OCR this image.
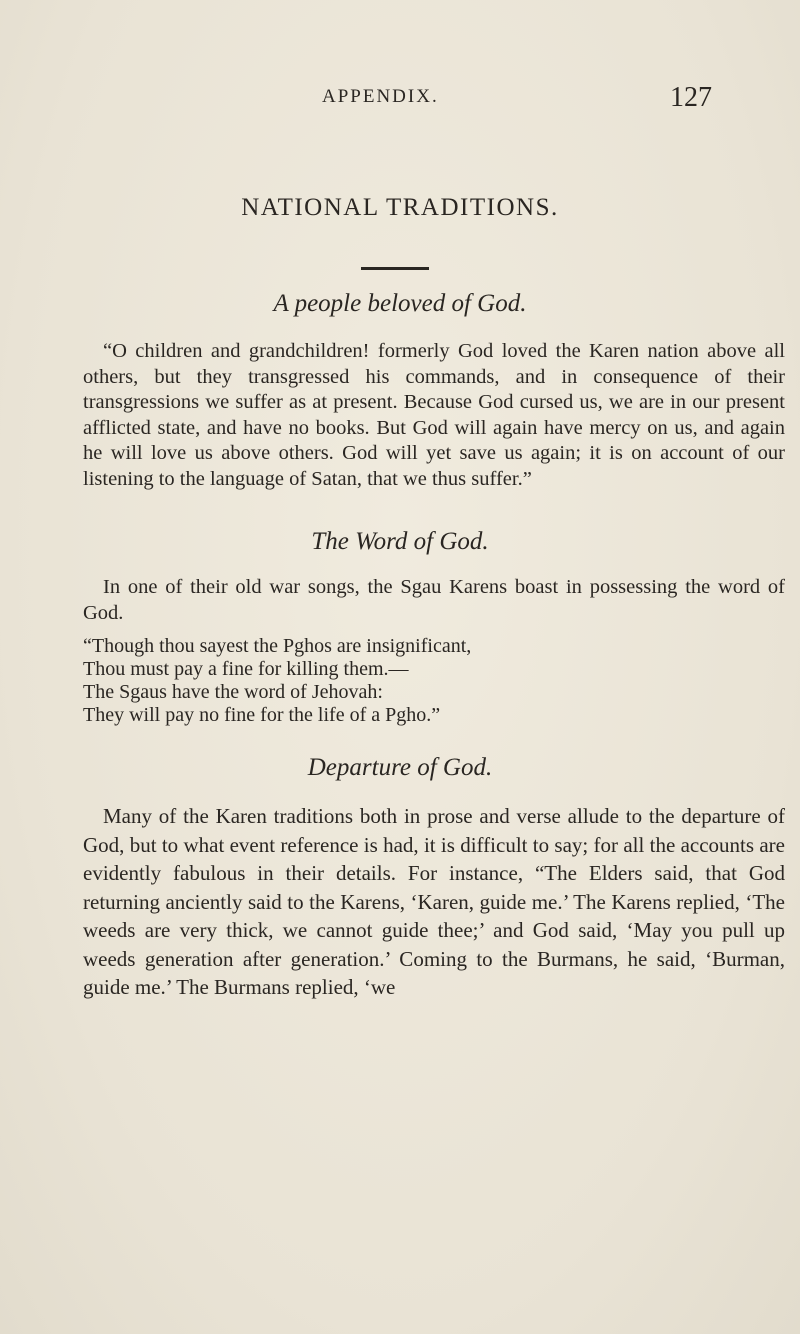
APPENDIX.	127
NATIONAL TRADITIONS.
A people beloved of God.

“O children and grandchildren! formerly God loved the Karen nation above all others, but they transgressed his commands, and in consequence of their transgressions we suffer as at present. Because God cursed us, we are in our present afflicted state, and have no books. But God will again have mercy on us, and again he will love us above others. God will yet save us again; it is on account of our listening to the language of Satan, that we thus suffer.”

The Word of God.

In one of their old war songs, the Sgau Karens boast in possessing the word of God.

“Though thou sayest the Pghos are insignificant,
Thou must pay a fine for killing them.—
The Sgaus have the word of Jehovah:
They will pay no fine for the life of a Pgho.”
Departure of God.

Many of the Karen traditions both in prose and verse allude to the departure of God, but to what event reference is had, it is difficult to say; for all the accounts are evidently fabulous in their details. For instance, “The Elders said, that God returning anciently said to the Karens, ‘Karen, guide me.’ The Karens replied, ‘The weeds are very thick, we cannot guide thee;’ and God said, ‘May you pull up weeds generation after generation.’ Coming to the Burmans, he said, ‘Burman, guide me.’ The Burmans replied, ‘we
